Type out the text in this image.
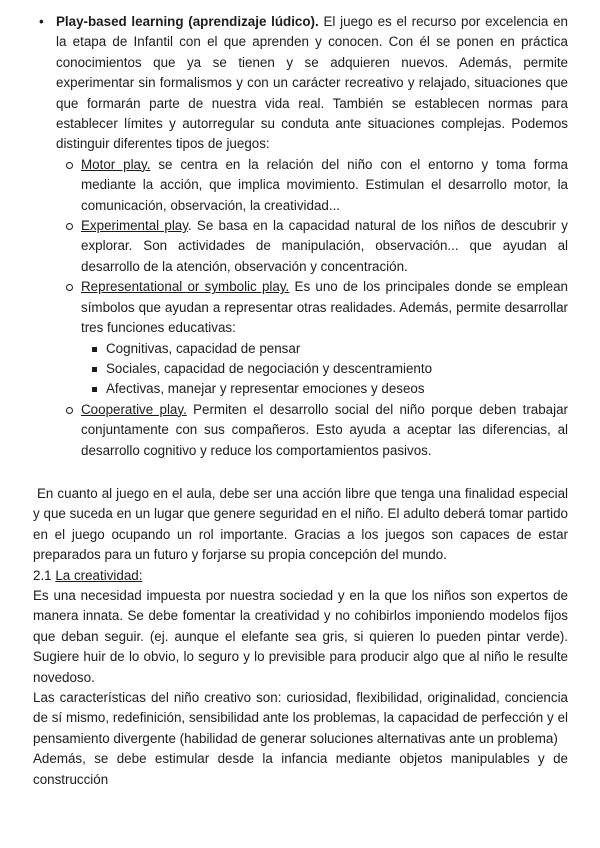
• Play-based learning (aprendizaje lúdico). El juego es el recurso por excelencia en la etapa de Infantil con el que aprenden y conocen. Con él se ponen en práctica conocimientos que ya se tienen y se adquieren nuevos. Además, permite experimentar sin formalismos y con un carácter recreativo y relajado, situaciones que que formarán parte de nuestra vida real. También se establecen normas para establecer límites y autorregular su conduta ante situaciones complejas. Podemos distinguir diferentes tipos de juegos:
Motor play. se centra en la relación del niño con el entorno y toma forma mediante la acción, que implica movimiento. Estimulan el desarrollo motor, la comunicación, observación, la creatividad...
Experimental play. Se basa en la capacidad natural de los niños de descubrir y explorar. Son actividades de manipulación, observación... que ayudan al desarrollo de la atención, observación y concentración.
Representational or symbolic play. Es uno de los principales donde se emplean símbolos que ayudan a representar otras realidades. Además, permite desarrollar tres funciones educativas:
Cognitivas, capacidad de pensar
Sociales, capacidad de negociación y descentramiento
Afectivas, manejar y representar emociones y deseos
Cooperative play. Permiten el desarrollo social del niño porque deben trabajar conjuntamente con sus compañeros. Esto ayuda a aceptar las diferencias, al desarrollo cognitivo y reduce los comportamientos pasivos.

En cuanto al juego en el aula, debe ser una acción libre que tenga una finalidad especial y que suceda en un lugar que genere seguridad en el niño. El adulto deberá tomar partido en el juego ocupando un rol importante. Gracias a los juegos son capaces de estar preparados para un futuro y forjarse su propia concepción del mundo.

2.1 La creatividad:

Es una necesidad impuesta por nuestra sociedad y en la que los niños son expertos de manera innata. Se debe fomentar la creatividad y no cohibirlos imponiendo modelos fijos que deban seguir. (ej. aunque el elefante sea gris, si quieren lo pueden pintar verde). Sugiere huir de lo obvio, lo seguro y lo previsible para producir algo que al niño le resulte novedoso.

Las características del niño creativo son: curiosidad, flexibilidad, originalidad, conciencia de sí mismo, redefinición, sensibilidad ante los problemas, la capacidad de perfección y el pensamiento divergente (habilidad de generar soluciones alternativas ante un problema)

Además, se debe estimular desde la infancia mediante objetos manipulables y de construcción
